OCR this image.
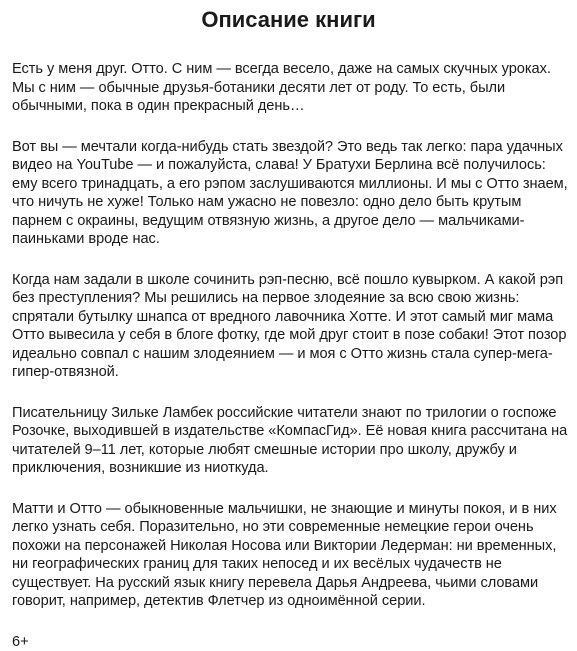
Описание книги

Есть у меня друг. Отто. С ним — всегда весело, даже на самых скучных уроках. Мы с ним — обычные друзья-ботаники десяти лет от роду. То есть, были обычными, пока в один прекрасный день…

Вот вы — мечтали когда-нибудь стать звездой? Это ведь так легко: пара удачных видео на YouTube — и пожалуйста, слава! У Братухи Берлина всё получилось: ему всего тринадцать, а его рэпом заслушиваются миллионы. И мы с Отто знаем, что ничуть не хуже! Только нам ужасно не повезло: одно дело быть крутым парнем с окраины, ведущим отвязную жизнь, а другое дело — мальчиками-паиньками вроде нас.

Когда нам задали в школе сочинить рэп-песню, всё пошло кувырком. А какой рэп без преступления? Мы решились на первое злодеяние за всю свою жизнь: спрятали бутылку шнапса от вредного лавочника Хотте. И этот самый миг мама Отто вывесила у себя в блоге фотку, где мой друг стоит в позе собаки! Этот позор идеально совпал с нашим злодеянием — и моя с Отто жизнь стала супер-мега-гипер-отвязной.

Писательницу Зильке Ламбек российские читатели знают по трилогии о госпоже Розочке, выходившей в издательстве «КомпасГид». Её новая книга рассчитана на читателей 9–11 лет, которые любят смешные истории про школу, дружбу и приключения, возникшие из ниоткуда.

Матти и Отто — обыкновенные мальчишки, не знающие и минуты покоя, и в них легко узнать себя. Поразительно, но эти современные немецкие герои очень похожи на персонажей Николая Носова или Виктории Ледерман: ни временных, ни географических границ для таких непосед и их весёлых чудачеств не существует. На русский язык книгу перевела Дарья Андреева, чьими словами говорит, например, детектив Флетчер из одноимённой серии.

6+
